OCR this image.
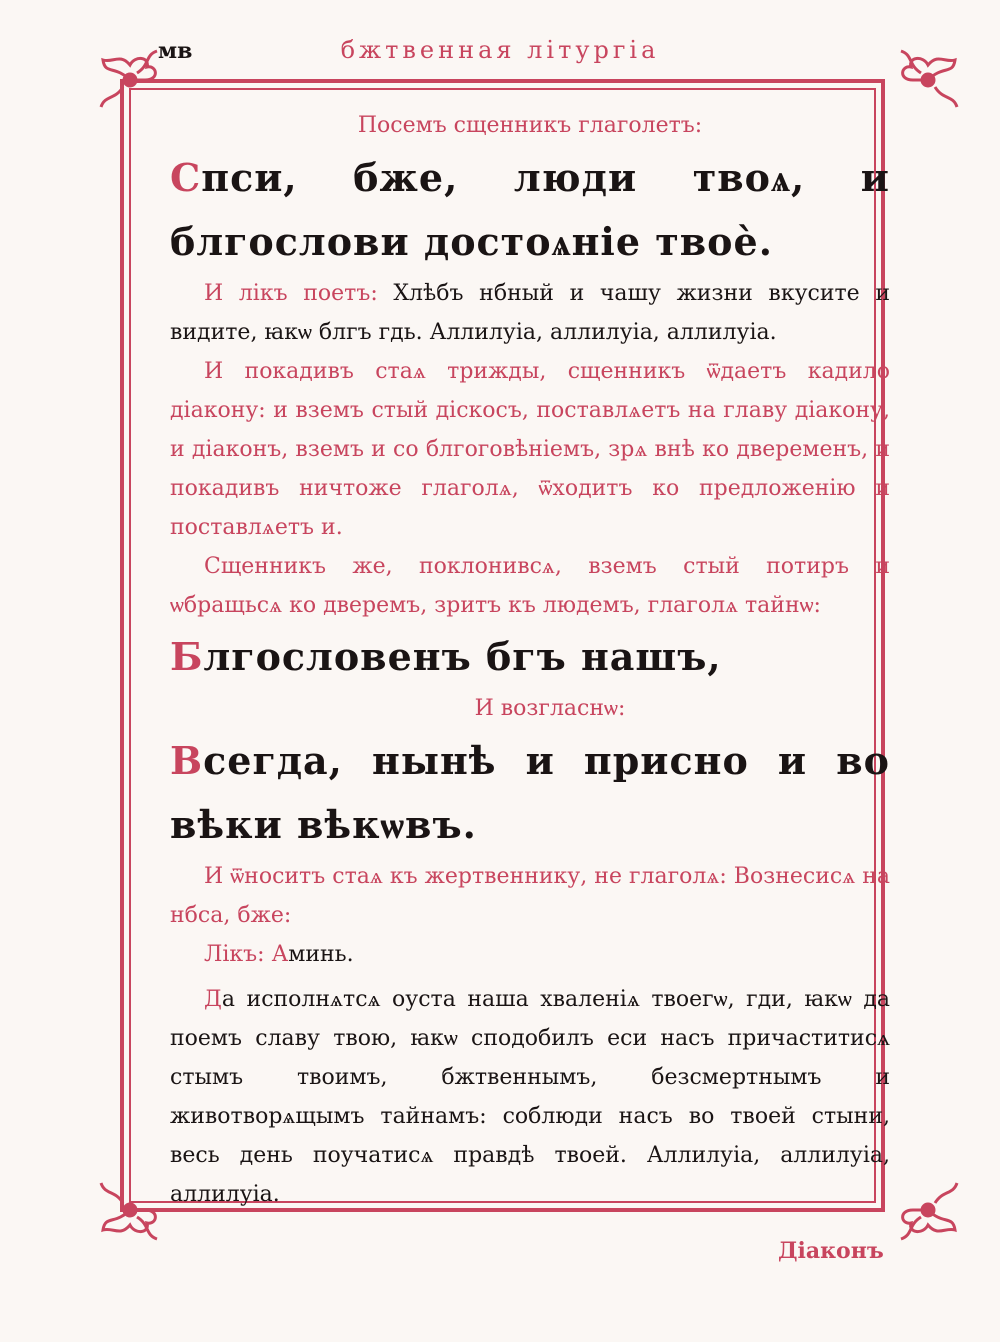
мв	бжтвенная літургіа

Посемъ сщенникъ глаголетъ:

Спси, бже, люди твоѧ, и блгослови достоѧніе твоѐ.

И лікъ поетъ: Хлѣбъ нбный и чашу жизни вкусите и видите, ꙗкѡ блгъ гдь. Аллилуіа, аллилуіа, аллилуіа.

И покадивъ стаѧ трижды, сщенникъ ѿдаетъ кадило діакону: и вземъ стый діскосъ, поставлѧетъ на главу діакону, и діаконъ, вземъ и со блгоговѣніемъ, зрѧ внѣ ко двеременъ, и покадивъ ничтоже глаголѧ, ѿходитъ ко предложенію и поставлѧетъ и.

Сщенникъ же, поклонивсѧ, вземъ стый потиръ и ѡбращьсѧ ко дверемъ, зритъ къ людемъ, глаголѧ тайнѡ:

Блгословенъ бгъ нашъ,

И возгласнѡ:

Всегда, нынѣ и присно и во вѣки вѣкѡвъ.

И ѿноситъ стаѧ къ жертвеннику, не глаголѧ: Вознесисѧ на нбса, бже:

Лікъ: Аминь.

Да исполнѧтсѧ оуста наша хваленіѧ твоегѡ, гди, ꙗкѡ да поемъ славу твою, ꙗкѡ сподобилъ еси насъ причаститисѧ стымъ твоимъ, бжтвеннымъ, безсмертнымъ и животворѧщымъ тайнамъ: соблюди насъ во твоей стыни, весь день поучатисѧ правдѣ твоей. Аллилуіа, аллилуіа, аллилуіа.

Діаконъ
